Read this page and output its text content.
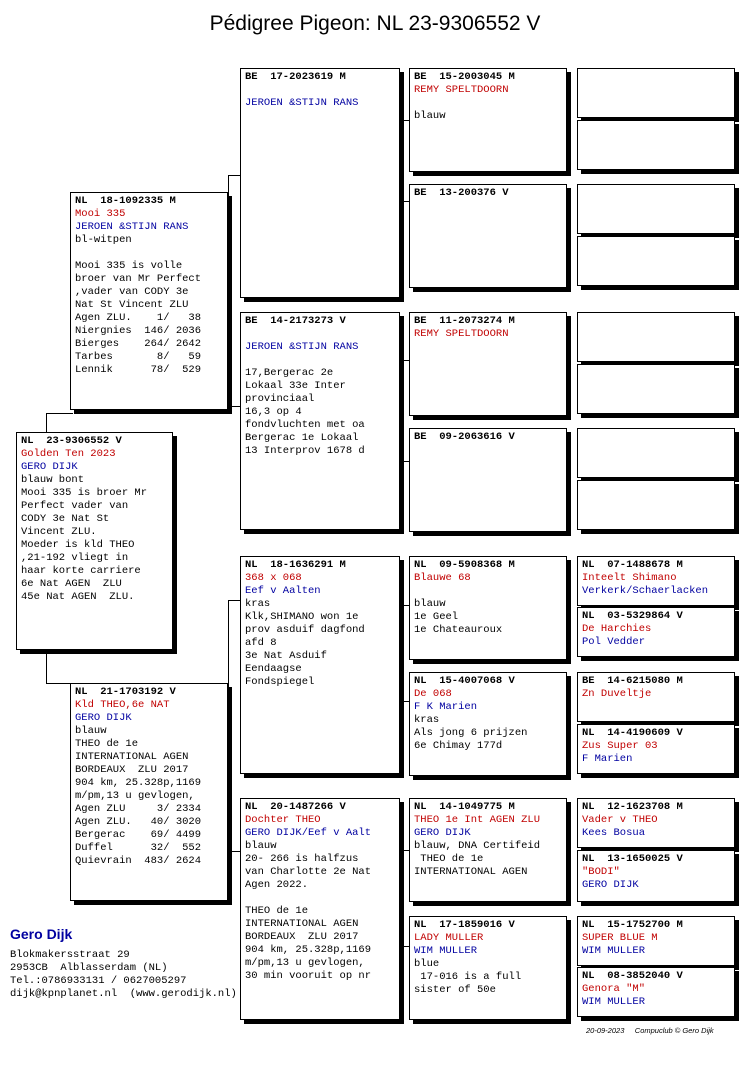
Pédigree Pigeon: NL 23-9306552 V
NL  23-9306552 V
Golden Ten 2023
GERO DIJK
blauw bont
Mooi 335 is broer Mr
Perfect vader van
CODY 3e Nat St
Vincent ZLU.
Moeder is kld THEO
,21-192 vliegt in
haar korte carriere
6e Nat AGEN  ZLU
45e Nat AGEN  ZLU.
NL  18-1092335 M
Mooi 335
JEROEN &STIJN RANS
bl-witpen
Mooi 335 is volle
broer van Mr Perfect
,vader van CODY 3e
Nat St Vincent ZLU
Agen ZLU.    1/   38
Niergnies  146/ 2036
Bierges    264/ 2642
Tarbes       8/   59
Lennik      78/  529
NL  21-1703192 V
Kld THEO,6e NAT
GERO DIJK
blauw
THEO de 1e
INTERNATIONAL AGEN
BORDEAUX  ZLU 2017
904 km, 25.328p,1169
m/pm,13 u gevlogen,
Agen ZLU     3/ 2334
Agen ZLU.   40/ 3020
Bergerac    69/ 4499
Duffel      32/  552
Quievrain  483/ 2624
BE  17-2023619 M
JEROEN &STIJN RANS
BE  14-2173273 V
JEROEN &STIJN RANS
17,Bergerac 2e
Lokaal 33e Inter
provinciaal
16,3 op 4
fondvluchten met oa
Bergerac 1e Lokaal
13 Interprov 1678 d
NL  18-1636291 M
368 x 068
Eef v Aalten
kras
Klk,SHIMANO won 1e
prov asduif dagfond
afd 8
3e Nat Asduif
Eendaagse
Fondspiegel
NL  20-1487266 V
Dochter THEO
GERO DIJK/Eef v Aalt
blauw
20- 266 is halfzus
van Charlotte 2e Nat
Agen 2022.
THEO de 1e
INTERNATIONAL AGEN
BORDEAUX  ZLU 2017
904 km, 25.328p,1169
m/pm,13 u gevlogen,
30 min vooruit op nr
BE  15-2003045 M
REMY SPELTDOORN
blauw
BE  13-200376 V
BE  11-2073274 M
REMY SPELTDOORN
BE  09-2063616 V
NL  09-5908368 M
Blauwe 68
blauw
1e Geel
1e Chateauroux
NL  15-4007068 V
De 068
F K Marien
kras
Als jong 6 prijzen
6e Chimay 177d
NL  14-1049775 M
THEO 1e Int AGEN ZLU
GERO DIJK
blauw, DNA Certifeid
THEO de 1e
INTERNATIONAL AGEN
NL  17-1859016 V
LADY MULLER
WIM MULLER
blue
17-016 is a full
sister of 50e
NL  07-1488678 M
Inteelt Shimano
Verkerk/Schaerlacken
NL  03-5329864 V
De Harchies
Pol Vedder
BE  14-6215080 M
Zn Duveltje
NL  14-4190609 V
Zus Super 03
F Marien
NL  12-1623708 M
Vader v THEO
Kees Bosua
NL  13-1650025 V
"BODI"
GERO DIJK
NL  15-1752700 M
SUPER BLUE M
WIM MULLER
NL  08-3852040 V
Genora "M"
WIM MULLER
Gero Dijk
Blokmakersstraat 29
2953CB  Alblasserdam (NL)
Tel.:0786933131 / 0627005297
dijk@kpnplanet.nl  (www.gerodijk.nl)
20-09-2023     Compuclub © Gero Dijk
